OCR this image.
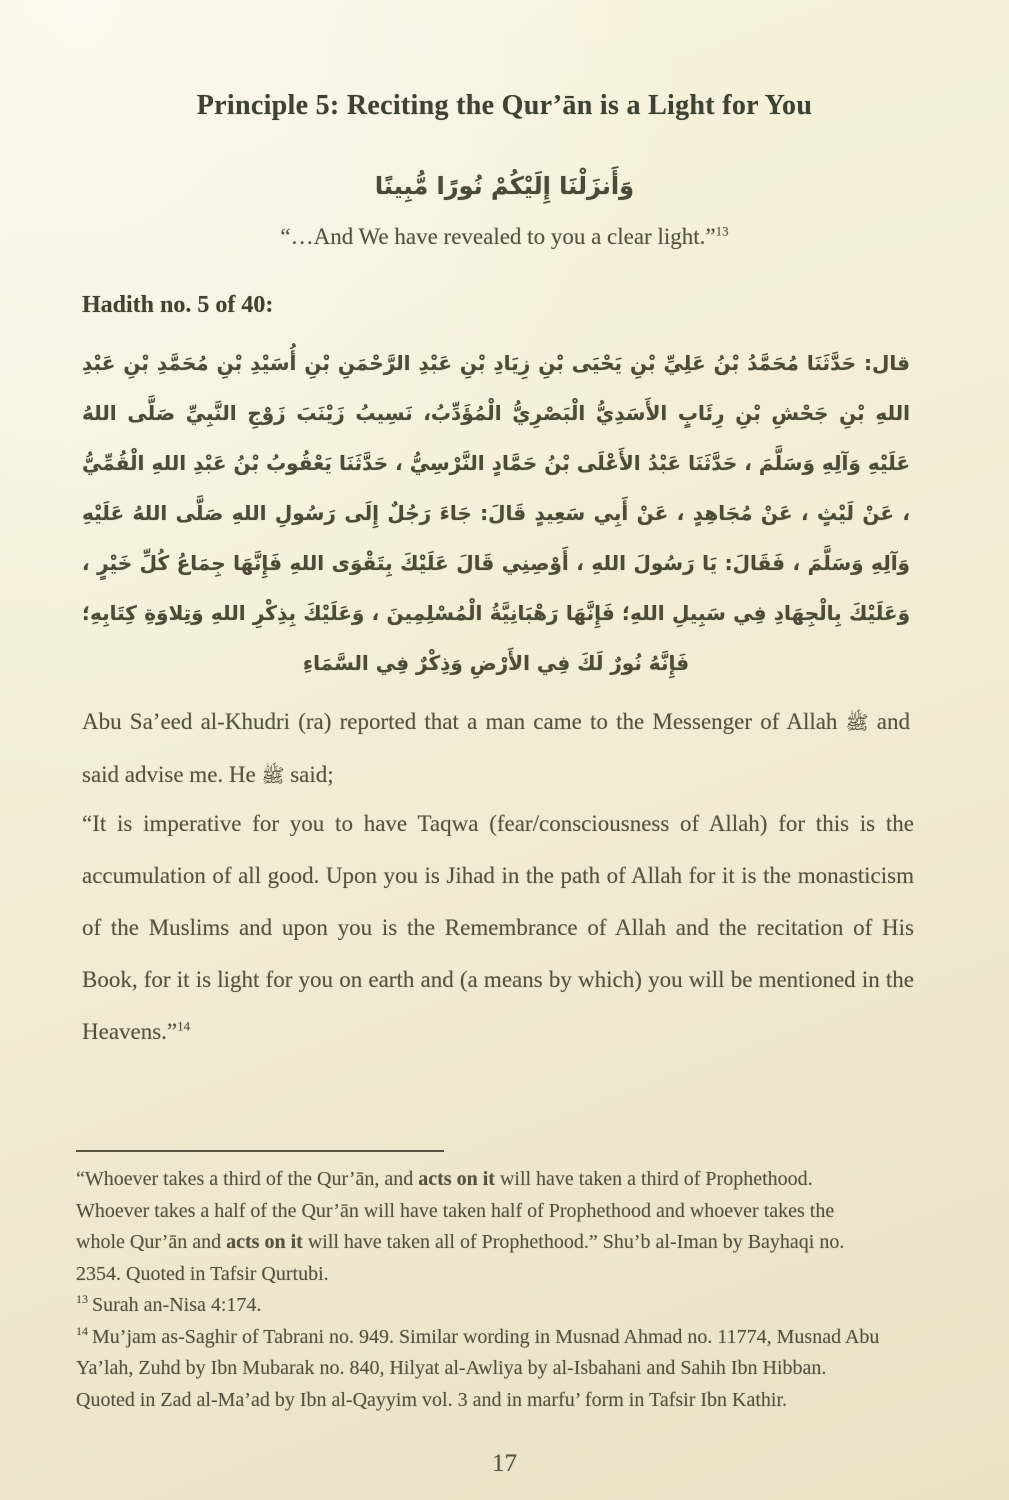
Principle 5: Reciting the Qur’ān is a Light for You
وَأَنزَلْنَا إِلَيْكُمْ نُورًا مُّبِينًا
“…And We have revealed to you a clear light.”$^{13}$
Hadith no. 5 of 40:

قال: حَدَّثَنَا مُحَمَّدُ بْنُ عَلِيِّ بْنِ يَحْيَى بْنِ زِيَادِ بْنِ عَبْدِ الرَّحْمَنِ بْنِ أُسَيْدِ بْنِ مُحَمَّدِ بْنِ عَبْدِ اللهِ بْنِ جَحْشِ بْنِ رِئَابٍ الأَسَدِيُّ الْبَصْرِيُّ الْمُؤَدِّبُ، نَسِيبُ زَيْنَبَ زَوْجِ النَّبِيِّ صَلَّى اللهُ عَلَيْهِ وَآلِهِ وَسَلَّمَ ، حَدَّثَنَا عَبْدُ الأَعْلَى بْنُ حَمَّادٍ النَّرْسِيُّ ، حَدَّثَنَا يَعْقُوبُ بْنُ عَبْدِ اللهِ الْقُمِّيُّ ، عَنْ لَيْثٍ ، عَنْ مُجَاهِدٍ ، عَنْ أَبِي سَعِيدٍ قَالَ: جَاءَ رَجُلٌ إِلَى رَسُولِ اللهِ صَلَّى اللهُ عَلَيْهِ وَآلِهِ وَسَلَّمَ ، فَقَالَ: يَا رَسُولَ اللهِ ، أَوْصِنِي قَالَ عَلَيْكَ بِتَقْوَى اللهِ فَإِنَّهَا جِمَاعُ كُلِّ خَيْرٍ ، وَعَلَيْكَ بِالْجِهَادِ فِي سَبِيلِ اللهِ؛ فَإِنَّهَا رَهْبَانِيَّةُ الْمُسْلِمِينَ ، وَعَلَيْكَ بِذِكْرِ اللهِ وَتِلاوَةِ كِتَابِهِ؛ فَإِنَّهُ نُورٌ لَكَ فِي الأَرْضِ وَذِكْرٌ فِي السَّمَاءِ

Abu Sa’eed al-Khudri (ra) reported that a man came to the Messenger of Allah ﷺ and said advise me. He ﷺ said;

“It is imperative for you to have Taqwa (fear/consciousness of Allah) for this is the accumulation of all good. Upon you is Jihad in the path of Allah for it is the monasticism of the Muslims and upon you is the Remembrance of Allah and the recitation of His Book, for it is light for you on earth and (a means by which) you will be mentioned in the Heavens.”$^{14}$

“Whoever takes a third of the Qur’ān, and acts on it will have taken a third of Prophethood. Whoever takes a half of the Qur’ān will have taken half of Prophethood and whoever takes the whole Qur’ān and acts on it will have taken all of Prophethood.” Shu’b al-Iman by Bayhaqi no. 2354. Quoted in Tafsir Qurtubi.

$^{13}$ Surah an-Nisa 4:174.

$^{14}$ Mu’jam as-Saghir of Tabrani no. 949. Similar wording in Musnad Ahmad no. 11774, Musnad Abu Ya’lah, Zuhd by Ibn Mubarak no. 840, Hilyat al-Awliya by al-Isbahani and Sahih Ibn Hibban. Quoted in Zad al-Ma’ad by Ibn al-Qayyim vol. 3 and in marfu’ form in Tafsir Ibn Kathir.

17
